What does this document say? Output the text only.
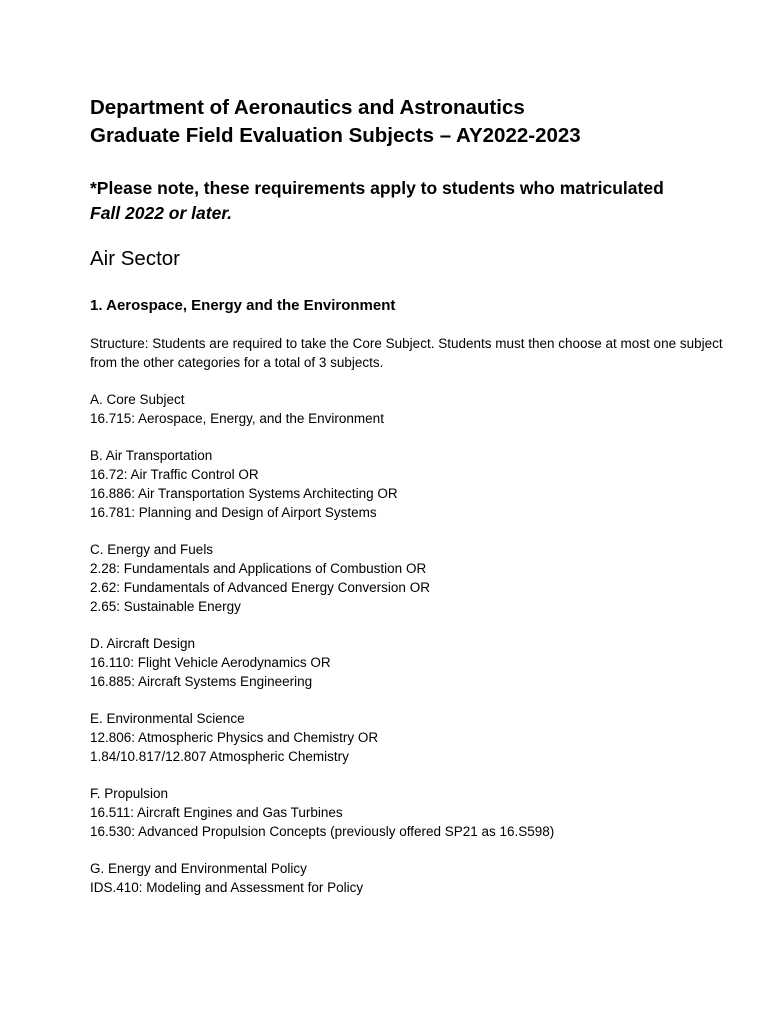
Department of Aeronautics and Astronautics
Graduate Field Evaluation Subjects – AY2022-2023

*Please note, these requirements apply to students who matriculated
Fall 2022 or later.

Air Sector
1. Aerospace, Energy and the Environment

Structure: Students are required to take the Core Subject. Students must then choose at most one subject from the other categories for a total of 3 subjects.

A. Core Subject
16.715: Aerospace, Energy, and the Environment
B. Air Transportation
16.72: Air Traffic Control OR
16.886: Air Transportation Systems Architecting OR
16.781: Planning and Design of Airport Systems
C. Energy and Fuels
2.28: Fundamentals and Applications of Combustion OR
2.62: Fundamentals of Advanced Energy Conversion OR
2.65: Sustainable Energy
D. Aircraft Design
16.110: Flight Vehicle Aerodynamics OR
16.885: Aircraft Systems Engineering
E. Environmental Science
12.806: Atmospheric Physics and Chemistry OR
1.84/10.817/12.807 Atmospheric Chemistry
F. Propulsion
16.511: Aircraft Engines and Gas Turbines
16.530: Advanced Propulsion Concepts (previously offered SP21 as 16.S598)
G. Energy and Environmental Policy
IDS.410: Modeling and Assessment for Policy
